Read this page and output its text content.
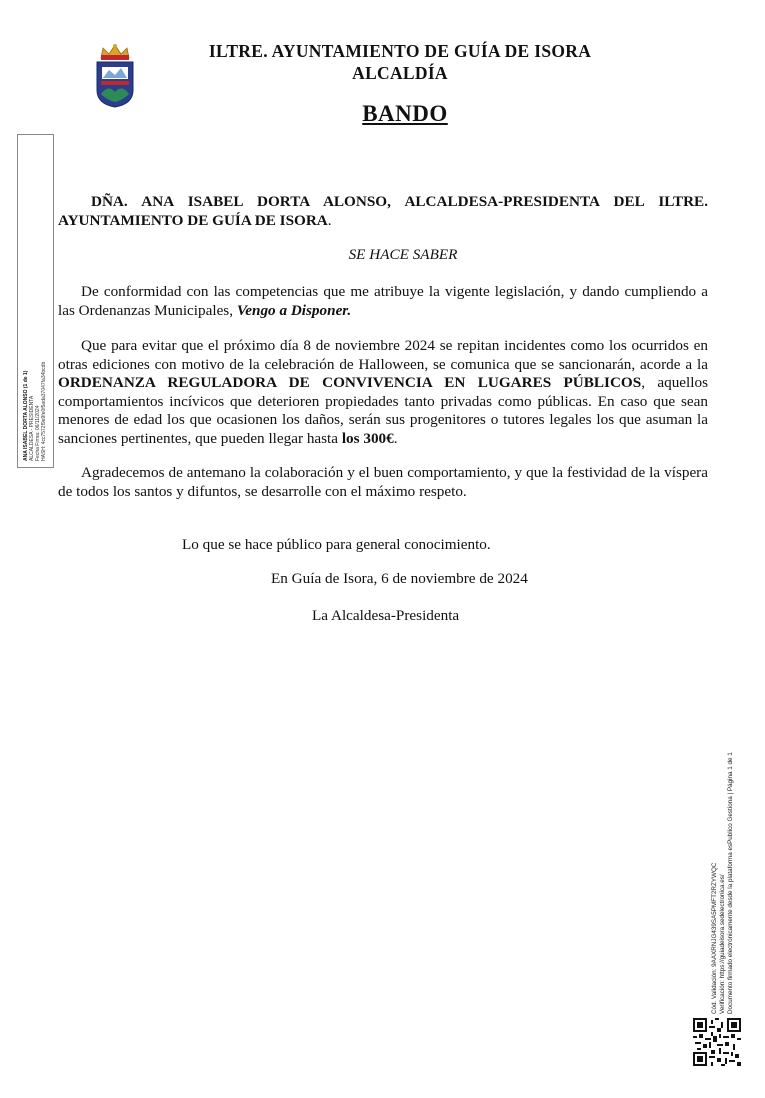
ILTRE. AYUNTAMIENTO DE GUÍA DE ISORA
ALCALDÍA
BANDO
ANA ISABEL DORTA ALONSO (1 de 1) ALCALDESA - PRESIDENTA Fecha Firma: 06/11/2024 HASH: 4cc7572f9e9fe0f5ada37047fa34bcdb
DÑA. ANA ISABEL DORTA ALONSO, ALCALDESA-PRESIDENTA DEL ILTRE. AYUNTAMIENTO DE GUÍA DE ISORA.
SE HACE SABER
De conformidad con las competencias que me atribuye la vigente legislación, y dando cumpliendo a las Ordenanzas Municipales, Vengo a Disponer.
Que para evitar que el próximo día 8 de noviembre 2024 se repitan incidentes como los ocurridos en otras ediciones con motivo de la celebración de Halloween, se comunica que se sancionarán, acorde a la ORDENANZA REGULADORA DE CONVIVENCIA EN LUGARES PÚBLICOS, aquellos comportamientos incívicos que deterioren propiedades tanto privadas como públicas. En caso que sean menores de edad los que ocasionen los daños, serán sus progenitores o tutores legales los que asuman la sanciones pertinentes, que pueden llegar hasta los 300€.
Agradecemos de antemano la colaboración y el buen comportamiento, y que la festividad de la víspera de todos los santos y difuntos, se desarrolle con el máximo respeto.
Lo que se hace público para general conocimiento.
En Guía de Isora, 6 de noviembre de 2024
La Alcaldesa-Presidenta
Cód. Validación: 9AAXRNJG439SA5PMFT2RZYWQC Verificación: https://guiadeisora.sedelectronica.es/ Documento firmado electrónicamente desde la plataforma esPublico Gestiona | Página 1 de 1
